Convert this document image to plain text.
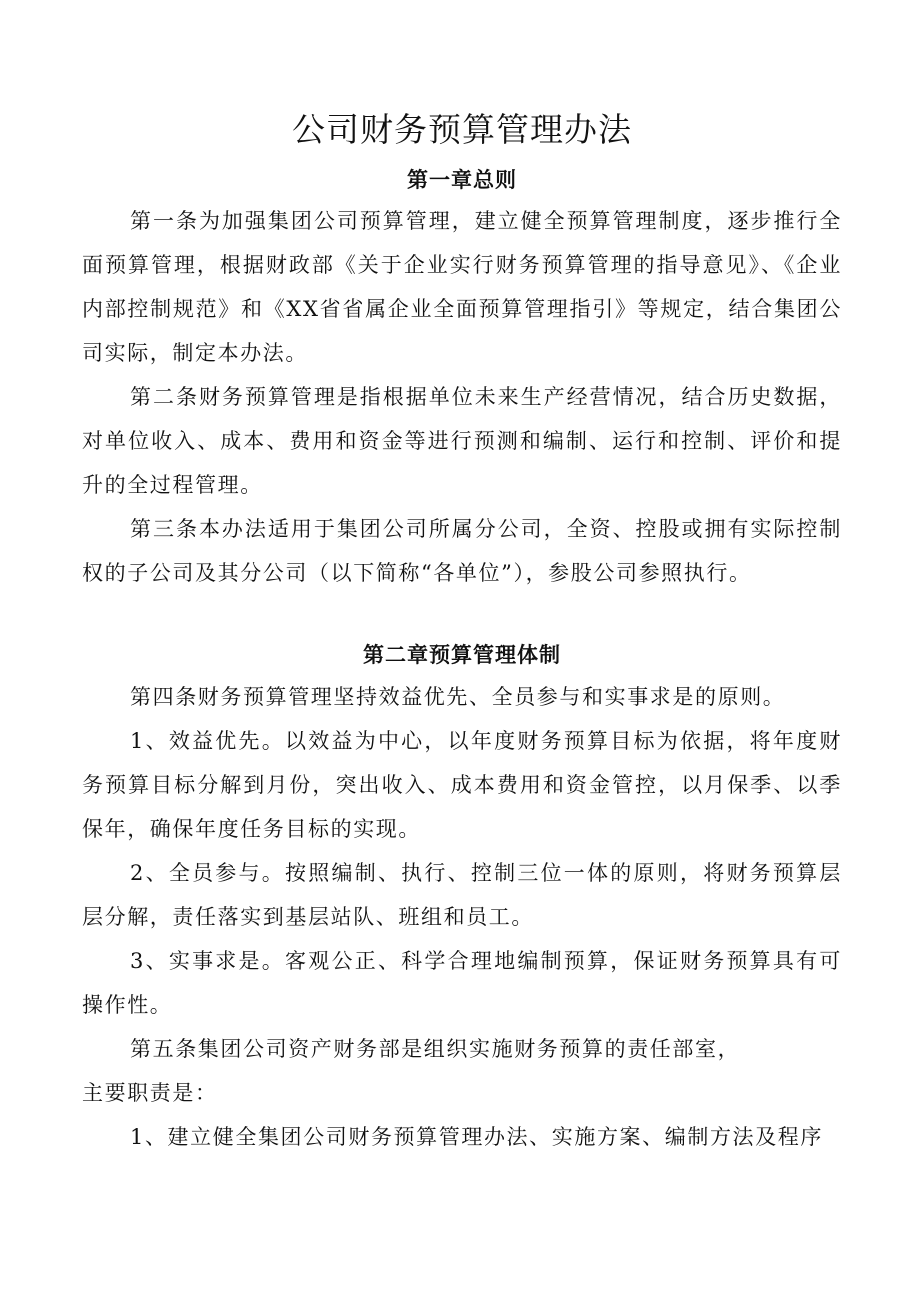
公司财务预算管理办法
第一章总则

第一条为加强集团公司预算管理，建立健全预算管理制度，逐步推行全面预算管理，根据财政部《关于企业实行财务预算管理的指导意见》、《企业内部控制规范》和《XX省省属企业全面预算管理指引》等规定，结合集团公司实际，制定本办法。

第二条财务预算管理是指根据单位未来生产经营情况，结合历史数据，对单位收入、成本、费用和资金等进行预测和编制、运行和控制、评价和提升的全过程管理。

第三条本办法适用于集团公司所属分公司，全资、控股或拥有实际控制权的子公司及其分公司（以下简称“各单位”），参股公司参照执行。

第二章预算管理体制

第四条财务预算管理坚持效益优先、全员参与和实事求是的原则。

1、效益优先。以效益为中心，以年度财务预算目标为依据，将年度财务预算目标分解到月份，突出收入、成本费用和资金管控，以月保季、以季保年，确保年度任务目标的实现。

2、全员参与。按照编制、执行、控制三位一体的原则，将财务预算层层分解，责任落实到基层站队、班组和员工。

3、实事求是。客观公正、科学合理地编制预算，保证财务预算具有可操作性。

第五条集团公司资产财务部是组织实施财务预算的责任部室，

主要职责是：

1、建立健全集团公司财务预算管理办法、实施方案、编制方法及程序
